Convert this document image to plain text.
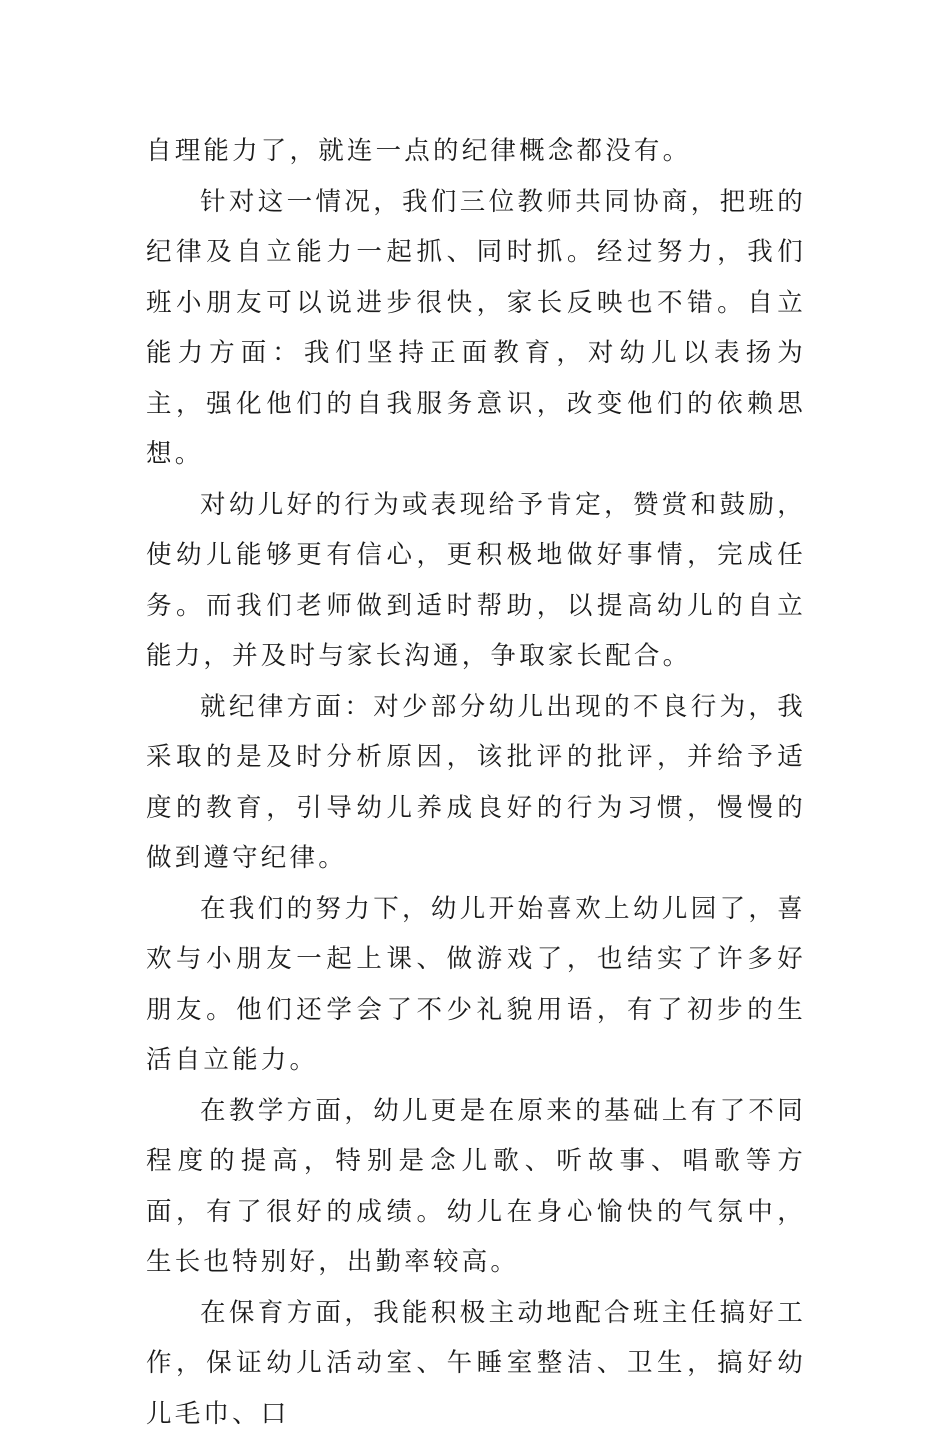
自理能力了，就连一点的纪律概念都没有。

针对这一情况，我们三位教师共同协商，把班的纪律及自立能力一起抓、同时抓。经过努力，我们班小朋友可以说进步很快，家长反映也不错。自立能力方面：我们坚持正面教育，对幼儿以表扬为主，强化他们的自我服务意识，改变他们的依赖思想。

对幼儿好的行为或表现给予肯定，赞赏和鼓励，使幼儿能够更有信心，更积极地做好事情，完成任务。而我们老师做到适时帮助，以提高幼儿的自立能力，并及时与家长沟通，争取家长配合。

就纪律方面：对少部分幼儿出现的不良行为，我采取的是及时分析原因，该批评的批评，并给予适度的教育，引导幼儿养成良好的行为习惯，慢慢的做到遵守纪律。

在我们的努力下，幼儿开始喜欢上幼儿园了，喜欢与小朋友一起上课、做游戏了，也结实了许多好朋友。他们还学会了不少礼貌用语，有了初步的生活自立能力。

在教学方面，幼儿更是在原来的基础上有了不同程度的提高，特别是念儿歌、听故事、唱歌等方面，有了很好的成绩。幼儿在身心愉快的气氛中，生长也特别好，出勤率较高。

在保育方面，我能积极主动地配合班主任搞好工作，保证幼儿活动室、午睡室整洁、卫生，搞好幼儿毛巾、口
